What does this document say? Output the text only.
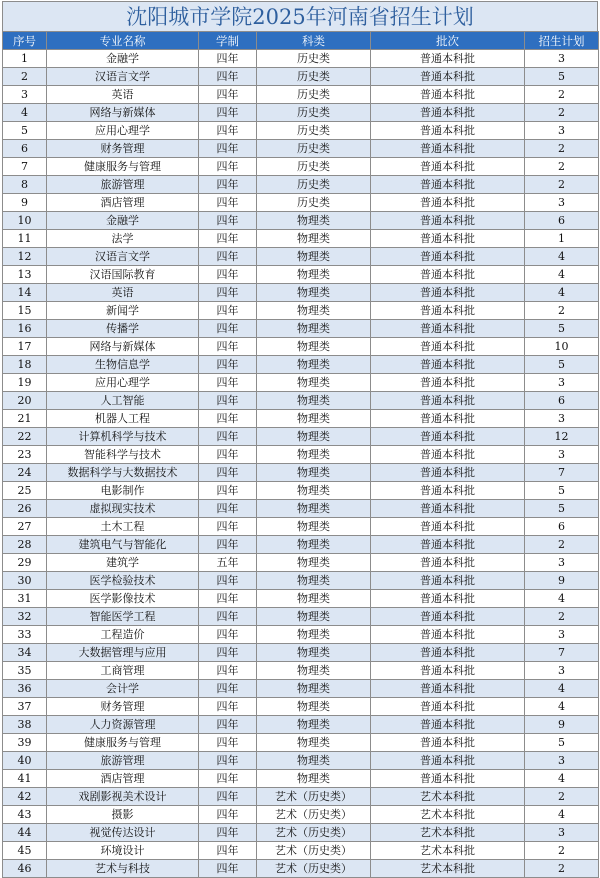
沈阳城市学院2025年河南省招生计划
序号	专业名称	学制	科类	批次	招生计划
1	金融学	四年	历史类	普通本科批	3
2	汉语言文学	四年	历史类	普通本科批	5
3	英语	四年	历史类	普通本科批	2
4	网络与新媒体	四年	历史类	普通本科批	2
5	应用心理学	四年	历史类	普通本科批	3
6	财务管理	四年	历史类	普通本科批	2
7	健康服务与管理	四年	历史类	普通本科批	2
8	旅游管理	四年	历史类	普通本科批	2
9	酒店管理	四年	历史类	普通本科批	3
10	金融学	四年	物理类	普通本科批	6
11	法学	四年	物理类	普通本科批	1
12	汉语言文学	四年	物理类	普通本科批	4
13	汉语国际教育	四年	物理类	普通本科批	4
14	英语	四年	物理类	普通本科批	4
15	新闻学	四年	物理类	普通本科批	2
16	传播学	四年	物理类	普通本科批	5
17	网络与新媒体	四年	物理类	普通本科批	10
18	生物信息学	四年	物理类	普通本科批	5
19	应用心理学	四年	物理类	普通本科批	3
20	人工智能	四年	物理类	普通本科批	6
21	机器人工程	四年	物理类	普通本科批	3
22	计算机科学与技术	四年	物理类	普通本科批	12
23	智能科学与技术	四年	物理类	普通本科批	3
24	数据科学与大数据技术	四年	物理类	普通本科批	7
25	电影制作	四年	物理类	普通本科批	5
26	虚拟现实技术	四年	物理类	普通本科批	5
27	土木工程	四年	物理类	普通本科批	6
28	建筑电气与智能化	四年	物理类	普通本科批	2
29	建筑学	五年	物理类	普通本科批	3
30	医学检验技术	四年	物理类	普通本科批	9
31	医学影像技术	四年	物理类	普通本科批	4
32	智能医学工程	四年	物理类	普通本科批	2
33	工程造价	四年	物理类	普通本科批	3
34	大数据管理与应用	四年	物理类	普通本科批	7
35	工商管理	四年	物理类	普通本科批	3
36	会计学	四年	物理类	普通本科批	4
37	财务管理	四年	物理类	普通本科批	4
38	人力资源管理	四年	物理类	普通本科批	9
39	健康服务与管理	四年	物理类	普通本科批	5
40	旅游管理	四年	物理类	普通本科批	3
41	酒店管理	四年	物理类	普通本科批	4
42	戏剧影视美术设计	四年	艺术（历史类）	艺术本科批	2
43	摄影	四年	艺术（历史类）	艺术本科批	4
44	视觉传达设计	四年	艺术（历史类）	艺术本科批	3
45	环境设计	四年	艺术（历史类）	艺术本科批	2
46	艺术与科技	四年	艺术（历史类）	艺术本科批	2
